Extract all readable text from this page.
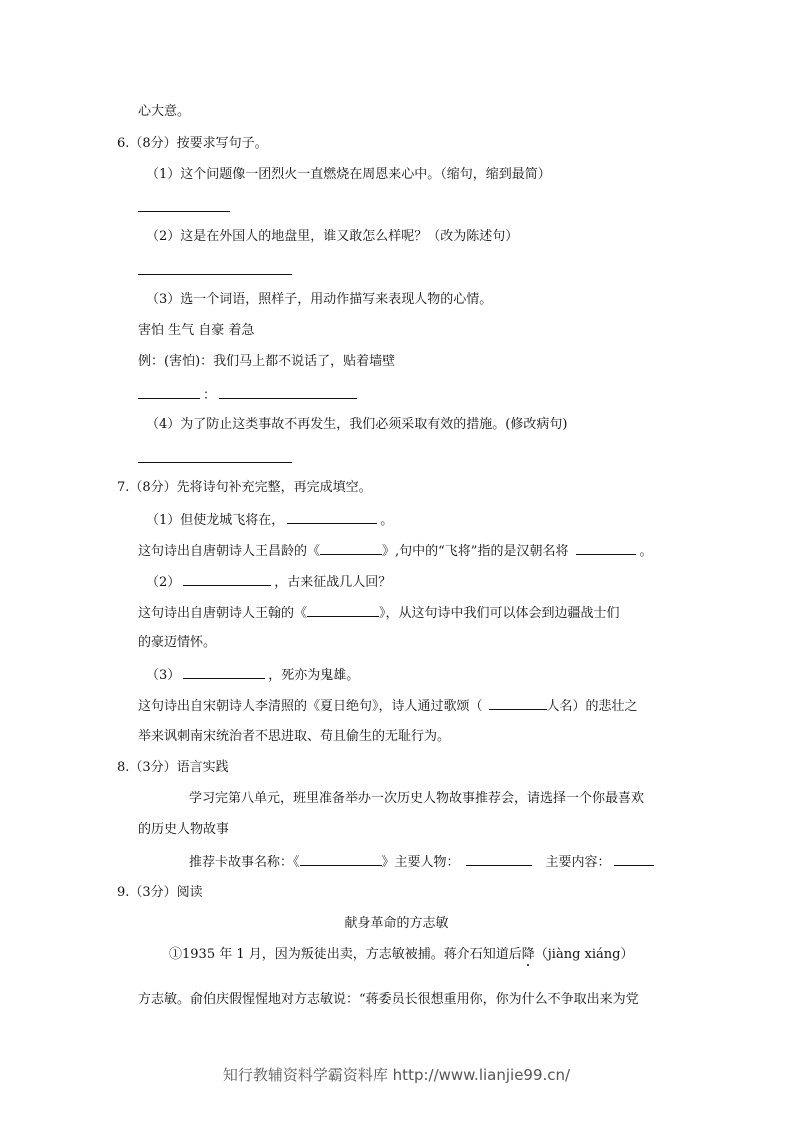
心大意。
6.（8分）按要求写句子。
（1）这个问题像一团烈火一直燃烧在周恩来心中。（缩句，缩到最简）
（2）这是在外国人的地盘里，谁又敢怎么样呢？（改为陈述句）
（3）选一个词语，照样子，用动作描写来表现人物的心情。
害怕 生气 自豪 着急
例：(害怕)：我们马上都不说话了，贴着墙壁
：
（4）为了防止这类事故不再发生，我们必须采取有效的措施。(修改病句)
7.（8分）先将诗句补充完整，再完成填空。
（1）但使龙城飞将在，	。
这句诗出自唐朝诗人王昌龄的《	》,句中的“飞将”指的是汉朝名将	。
（2）	，古来征战几人回？
这句诗出自唐朝诗人王翰的《	》，从这句诗中我们可以体会到边疆战士们
的豪迈情怀。
（3）	，死亦为鬼雄。
这句诗出自宋朝诗人李清照的《夏日绝句》，诗人通过歌颂（	人名）的悲壮之
举来讽刺南宋统治者不思进取、苟且偷生的无耻行为。
8.（3分）语言实践
学习完第八单元，班里准备举办一次历史人物故事推荐会，请选择一个你最喜欢
的历史人物故事
推荐卡故事名称：《	》主要人物：	主要内容：
9.（3分）阅读
献身革命的方志敏
①1935 年 1 月，因为叛徒出卖，方志敏被捕。蒋介石知道后降（jiàng xiáng）
方志敏。俞伯庆假惺惺地对方志敏说：“蒋委员长很想重用你，你为什么不争取出来为党
知行教辅资料学霸资料库 http://www.lianjie99.cn/
